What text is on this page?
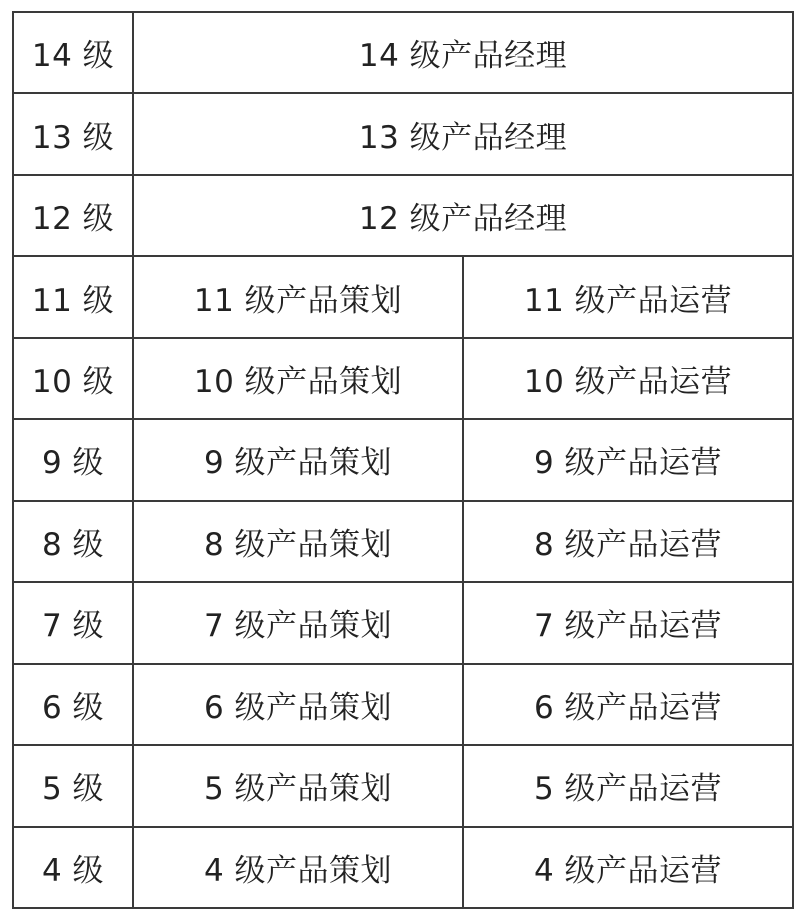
14 级	14 级产品经理	
13 级	13 级产品经理	
12 级	12 级产品经理	
11 级	11 级产品策划	11 级产品运营
10 级	10 级产品策划	10 级产品运营
9 级	9 级产品策划	9 级产品运营
8 级	8 级产品策划	8 级产品运营
7 级	7 级产品策划	7 级产品运营
6 级	6 级产品策划	6 级产品运营
5 级	5 级产品策划	5 级产品运营
4 级	4 级产品策划	4 级产品运营
